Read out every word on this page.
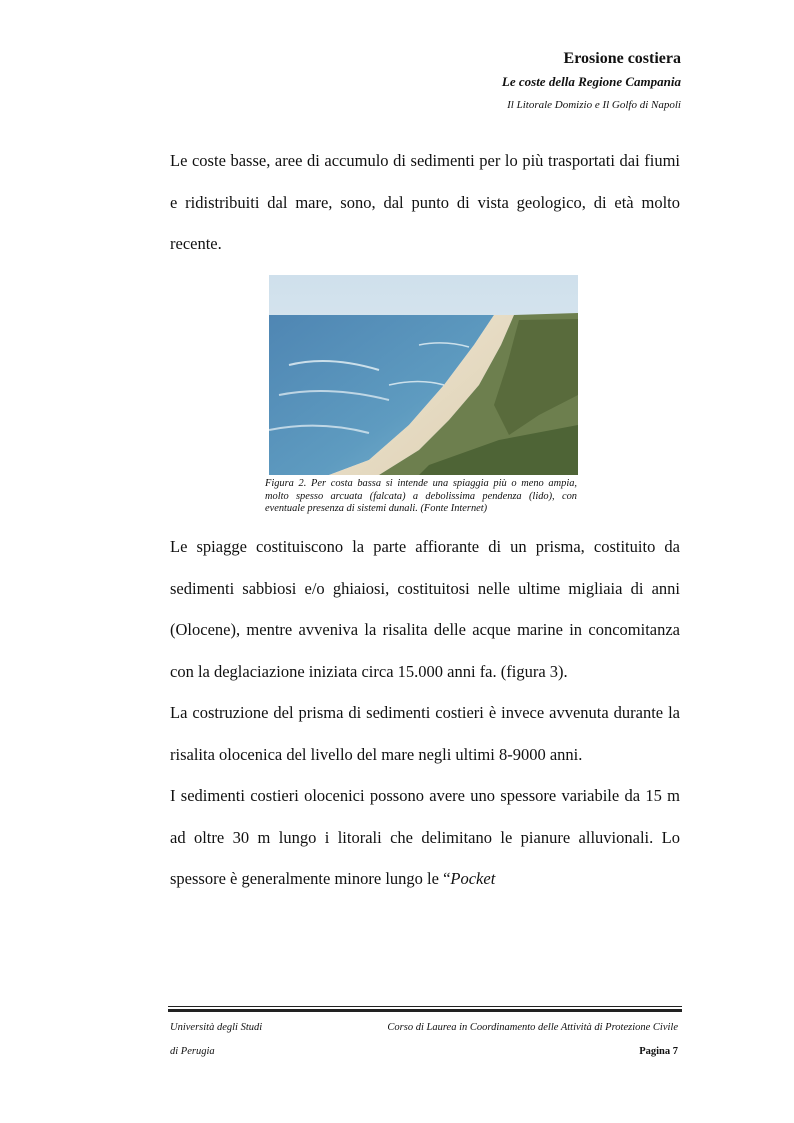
Erosione costiera
Le coste della Regione Campania
Il Litorale Domizio e Il Golfo di Napoli
Le coste basse, aree di accumulo di sedimenti per lo più trasportati dai fiumi e ridistribuiti dal mare, sono, dal punto di vista geologico, di età molto recente.
Figura 2. Per costa bassa si intende una spiaggia più o meno ampia, molto spesso arcuata (falcata) a debolissima pendenza (lido), con eventuale presenza di sistemi dunali. (Fonte Internet)
Le spiagge costituiscono la parte affiorante di un prisma, costituito da sedimenti sabbiosi e/o ghiaiosi, costituitosi nelle ultime migliaia di anni (Olocene), mentre avveniva la risalita delle acque marine in concomitanza con la deglaciazione iniziata circa 15.000 anni fa. (figura 3).
La costruzione del prisma di sedimenti costieri è invece avvenuta durante la risalita olocenica del livello del mare negli ultimi 8-9000 anni.
I sedimenti costieri olocenici possono avere uno spessore variabile da 15 m ad oltre 30 m lungo i litorali che delimitano le pianure alluvionali. Lo spessore è generalmente minore lungo le “Pocket
Università degli Studi	Corso di Laurea in Coordinamento delle Attività di Protezione Civile
di Perugia	Pagina 7
